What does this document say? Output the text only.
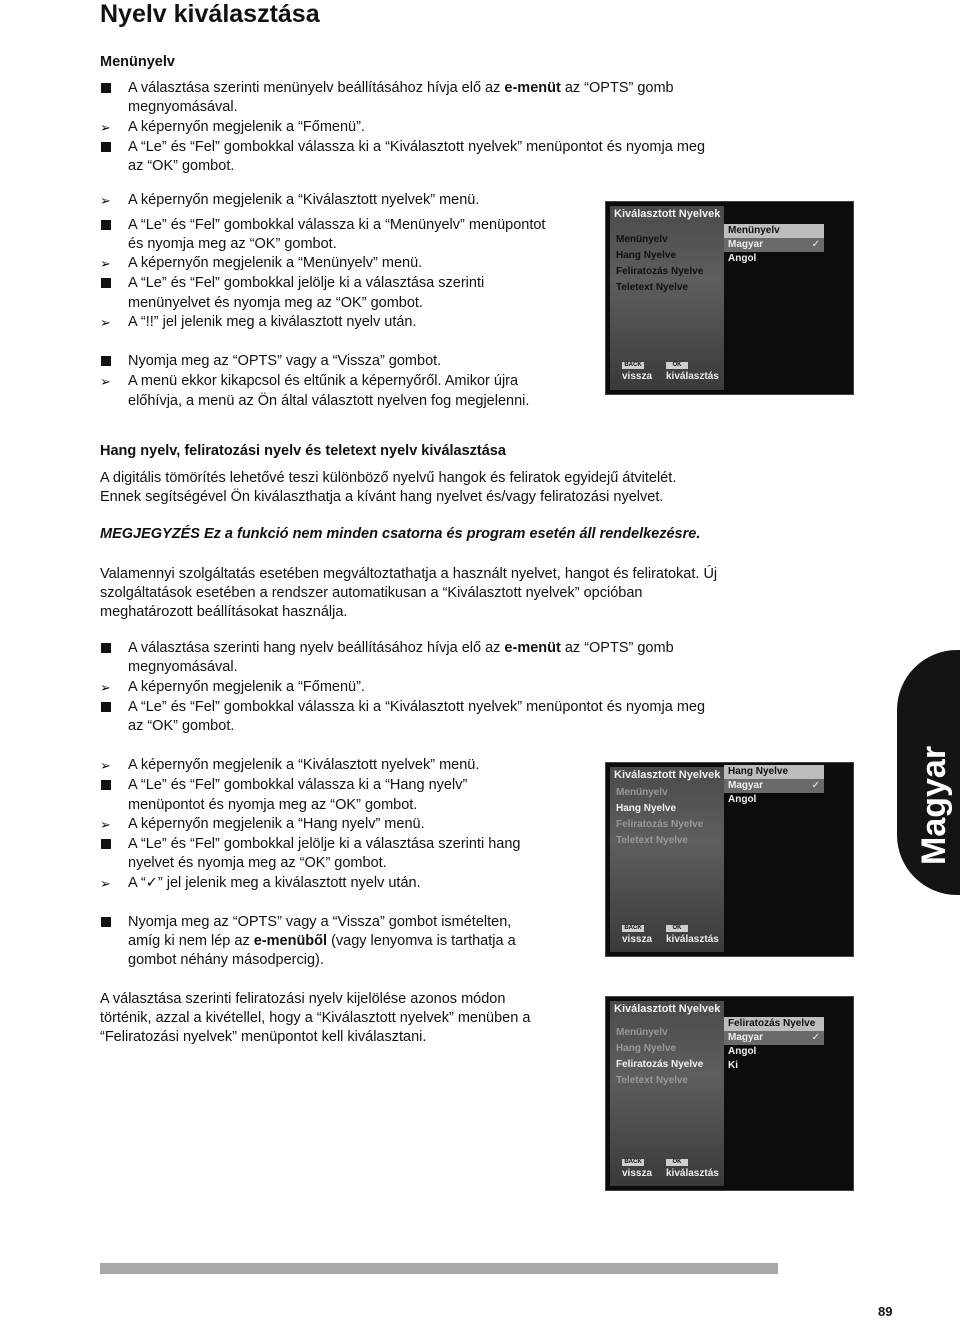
Nyelv kiválasztása
Menünyelv
A választása szerinti menünyelv beállításához hívja elő az e-menüt az “OPTS” gomb
megnyomásával.
➢	A képernyőn megjelenik a “Főmenü”.
A “Le” és “Fel” gombokkal válassza ki a “Kiválasztott nyelvek” menüpontot és nyomja meg
az “OK” gombot.
➢	A képernyőn megjelenik a “Kiválasztott nyelvek” menü.
A “Le” és “Fel” gombokkal válassza ki a “Menünyelv” menüpontot
és nyomja meg az “OK” gombot.
➢	A képernyőn megjelenik a “Menünyelv” menü.
A “Le” és “Fel” gombokkal jelölje ki a választása szerinti
menünyelvet és nyomja meg az “OK” gombot.
➢	A “!!” jel jelenik meg a kiválasztott nyelv után.
Nyomja meg az “OPTS” vagy a “Vissza” gombot.
➢	A menü ekkor kikapcsol és eltűnik a képernyőről. Amikor újra
előhívja, a menü az Ön által választott nyelven fog megjelenni.
Hang nyelv, feliratozási nyelv és teletext nyelv kiválasztása
A digitális tömörítés lehetővé teszi különböző nyelvű hangok és feliratok egyidejű átvitelét.
Ennek segítségével Ön kiválaszthatja a kívánt hang nyelvet és/vagy feliratozási nyelvet.
MEGJEGYZÉS Ez a funkció nem minden csatorna és program esetén áll rendelkezésre.
Valamennyi szolgáltatás esetében megváltoztathatja a használt nyelvet, hangot és feliratokat. Új
szolgáltatások esetében a rendszer automatikusan a “Kiválasztott nyelvek” opcióban
meghatározott beállításokat használja.
A választása szerinti hang nyelv beállításához hívja elő az e-menüt az “OPTS” gomb
megnyomásával.
➢	A képernyőn megjelenik a “Főmenü”.
A “Le” és “Fel” gombokkal válassza ki a “Kiválasztott nyelvek” menüpontot és nyomja meg
az “OK” gombot.
➢	A képernyőn megjelenik a “Kiválasztott nyelvek” menü.
A “Le” és “Fel” gombokkal válassza ki a “Hang nyelv”
menüpontot és nyomja meg az “OK” gombot.
➢	A képernyőn megjelenik a “Hang nyelv” menü.
A “Le” és “Fel” gombokkal jelölje ki a választása szerinti hang
nyelvet és nyomja meg az “OK” gombot.
➢	A “✓” jel jelenik meg a kiválasztott nyelv után.
Nyomja meg az “OPTS” vagy a “Vissza” gombot ismételten,
amíg ki nem lép az e-menüből (vagy lenyomva is tarthatja a
gombot néhány másodpercig).
A választása szerinti feliratozási nyelv kijelölése azonos módon
történik, azzal a kivétellel, hogy a “Kiválasztott nyelvek” menüben a
“Feliratozási nyelvek” menüpontot kell kiválasztani.
Kiválasztott Nyelvek
Menünyelv
Hang Nyelve
Feliratozás Nyelve
Teletext Nyelve
Menünyelv
Magyar	✓
Angol
BACK
vissza
OK
kiválasztás
Kiválasztott Nyelvek
Menünyelv
Hang Nyelve
Feliratozás Nyelve
Teletext Nyelve
Hang Nyelve
Magyar	✓
Angol
BACK
vissza
OK
kiválasztás
Kiválasztott Nyelvek
Menünyelv
Hang Nyelve
Feliratozás Nyelve
Teletext Nyelve
Feliratozás Nyelve
Magyar	✓
Angol
Ki
BACK
vissza
OK
kiválasztás
Magyar
89
